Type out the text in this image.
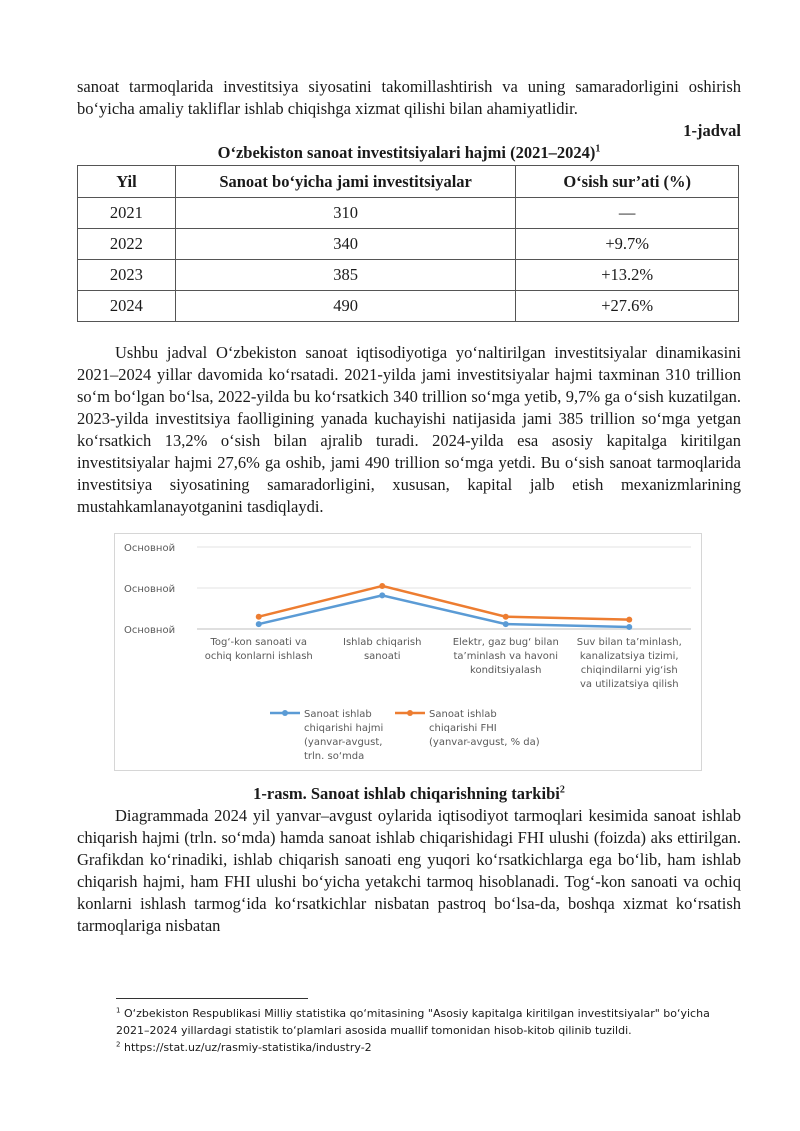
sanoat tarmoqlarida investitsiya siyosatini takomillashtirish va uning samaradorligini oshirish bo‘yicha amaliy takliflar ishlab chiqishga xizmat qilishi bilan ahamiyatlidir.

1-jadval

O‘zbekiston sanoat investitsiyalari hajmi (2021–2024)$^1$

Yil	Sanoat bo‘yicha jami investitsiyalar	O‘sish sur’ati (%)
2021	310	—
2022	340	+9.7%
2023	385	+13.2%
2024	490	+27.6%

Ushbu jadval O‘zbekiston sanoat iqtisodiyotiga yo‘naltirilgan investitsiyalar dinamikasini 2021–2024 yillar davomida ko‘rsatadi. 2021-yilda jami investitsiyalar hajmi taxminan 310 trillion so‘m bo‘lgan bo‘lsa, 2022-yilda bu ko‘rsatkich 340 trillion so‘mga yetib, 9,7% ga o‘sish kuzatilgan. 2023-yilda investitsiya faolligining yanada kuchayishi natijasida jami 385 trillion so‘mga yetgan ko‘rsatkich 13,2% o‘sish bilan ajralib turadi. 2024-yilda esa asosiy kapitalga kiritilgan investitsiyalar hajmi 27,6% ga oshib, jami 490 trillion so‘mga yetdi. Bu o‘sish sanoat tarmoqlarida investitsiya siyosatining samaradorligini, xususan, kapital jalb etish mexanizmlarining mustahkamlanayotganini tasdiqlaydi.

Основной
Основной
Основной
Tog‘-kon sanoati va
ochiq konlarni ishlash
Ishlab chiqarish
sanoati
Elektr, gaz bug‘ bilan
ta’minlash va havoni
konditsiyalash
Suv bilan ta’minlash,
kanalizatsiya tizimi,
chiqindilarni yig‘ish
va utilizatsiya qilish
Sanoat ishlab
chiqarishi hajmi
(yanvar-avgust,
trln. so‘mda
Sanoat ishlab
chiqarishi FHI
(yanvar-avgust, % da)

1-rasm. Sanoat ishlab chiqarishning tarkibi$^2$

Diagrammada 2024 yil yanvar–avgust oylarida iqtisodiyot tarmoqlari kesimida sanoat ishlab chiqarish hajmi (trln. so‘mda) hamda sanoat ishlab chiqarishidagi FHI ulushi (foizda) aks ettirilgan. Grafikdan ko‘rinadiki, ishlab chiqarish sanoati eng yuqori ko‘rsatkichlarga ega bo‘lib, ham ishlab chiqarish hajmi, ham FHI ulushi bo‘yicha yetakchi tarmoq hisoblanadi. Tog‘-kon sanoati va ochiq konlarni ishlash tarmog‘ida ko‘rsatkichlar nisbatan pastroq bo‘lsa-da, boshqa xizmat ko‘rsatish tarmoqlariga nisbatan

$^1$ O‘zbekiston Respublikasi Milliy statistika qo‘mitasining "Asosiy kapitalga kiritilgan investitsiyalar" bo‘yicha 2021–2024 yillardagi statistik to‘plamlari asosida muallif tomonidan hisob-kitob qilinib tuzildi.

$^2$ https://stat.uz/uz/rasmiy-statistika/industry-2
